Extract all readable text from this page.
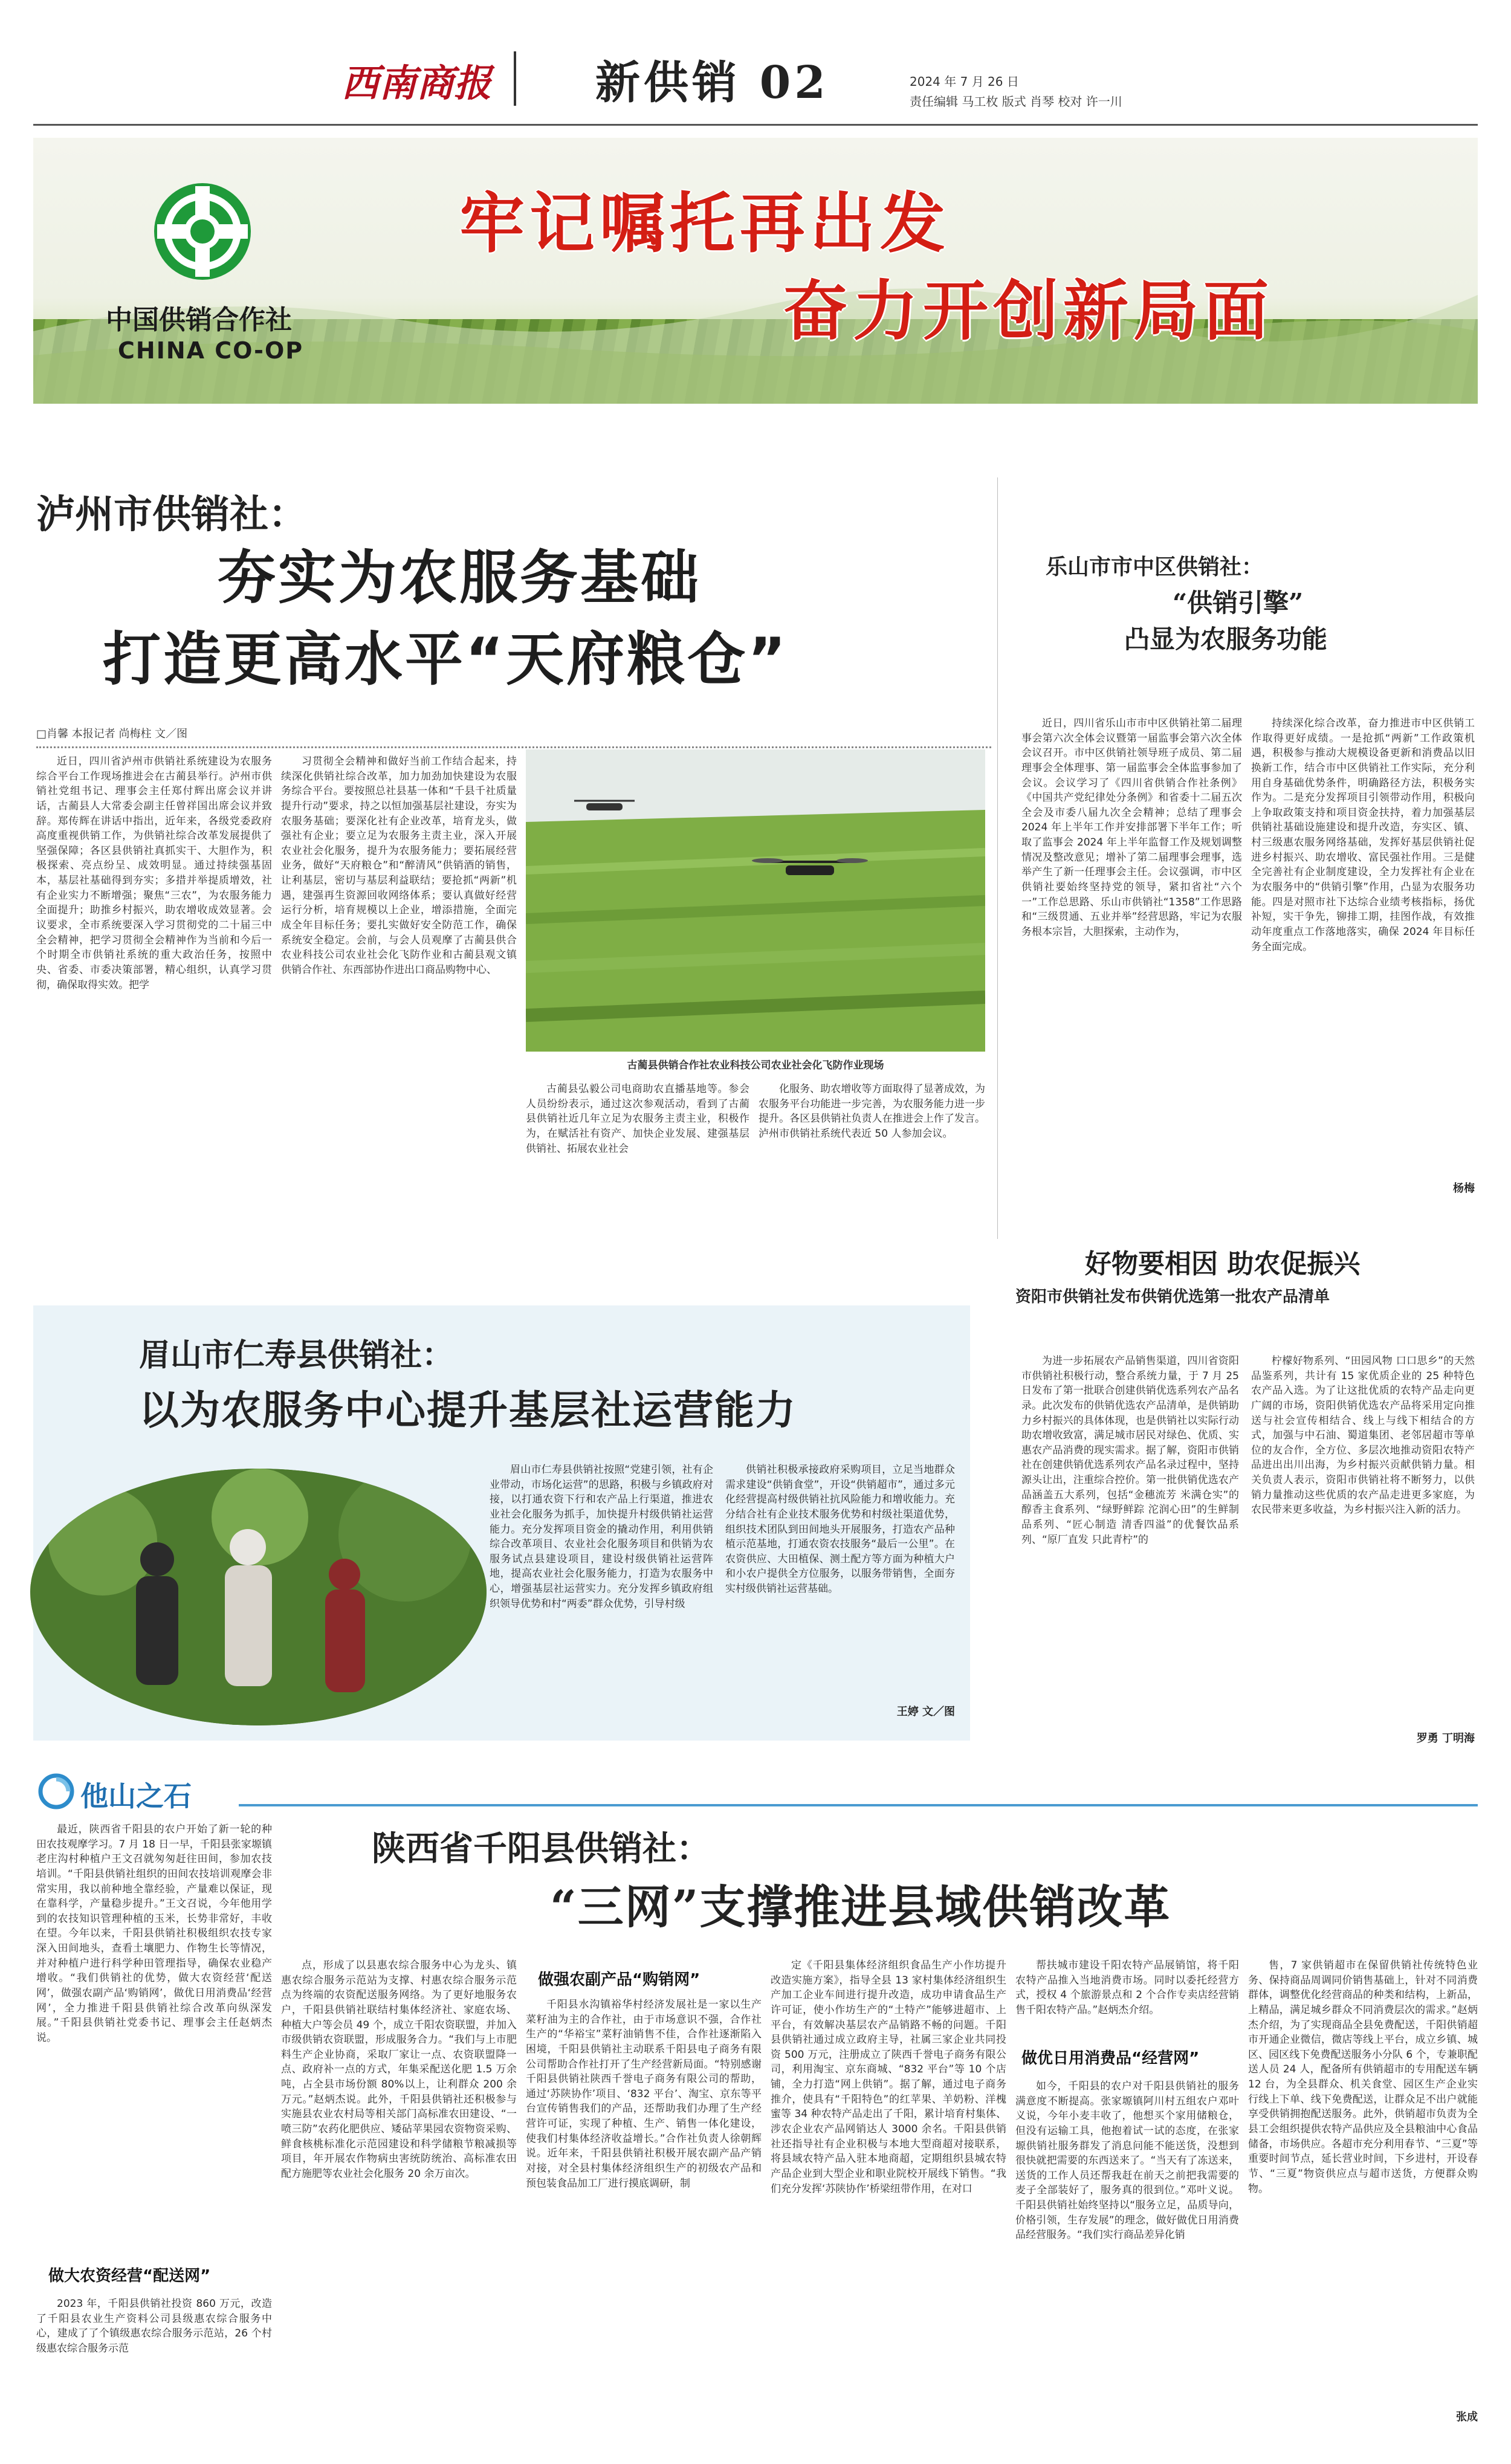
西南商报 新供销 02	2024 年 7 月 26 日
责任编辑 马工枚 版式 肖琴 校对 许一川
中国供销合作社
CHINA CO-OP
牢记嘱托再出发
奋力开创新局面
泸州市供销社：
夯实为农服务基础
打造更高水平“天府粮仓”
□肖馨 本报记者 尚梅柱 文／图

近日，四川省泸州市供销社系统建设为农服务综合平台工作现场推进会在古蔺县举行。泸州市供销社党组书记、理事会主任郑付辉出席会议并讲话，古蔺县人大常委会副主任曾祥国出席会议并致辞。郑传辉在讲话中指出，近年来，各级党委政府高度重视供销工作，为供销社综合改革发展提供了坚强保障；各区县供销社真抓实干、大胆作为，积极探索、亮点纷呈、成效明显。通过持续强基固本，基层社基础得到夯实；多措并举提质增效，社有企业实力不断增强；聚焦“三农”，为农服务能力全面提升；助推乡村振兴，助农增收成效显著。会议要求，全市系统要深入学习贯彻党的二十届三中全会精神，把学习贯彻全会精神作为当前和今后一个时期全市供销社系统的重大政治任务，按照中央、省委、市委决策部署，精心组织，认真学习贯彻，确保取得实效。把学

习贯彻全会精神和做好当前工作结合起来，持续深化供销社综合改革，加力加劲加快建设为农服务综合平台。要按照总社县基一体和“千县千社质量提升行动”要求，持之以恒加强基层社建设，夯实为农服务基础；要深化社有企业改革，培育龙头，做强社有企业；要立足为农服务主责主业，深入开展农业社会化服务，提升为农服务能力；要拓展经营业务，做好“天府粮仓”和“醉清风”供销酒的销售，让利基层，密切与基层利益联结；要抢抓“两新”机遇，建强再生资源回收网络体系；要认真做好经营运行分析，培育规模以上企业，增添措施，全面完成全年目标任务；要扎实做好安全防范工作，确保系统安全稳定。会前，与会人员观摩了古蔺县供合农业科技公司农业社会化飞防作业和古蔺县观文镇供销合作社、东西部协作进出口商品购物中心、

古蔺县供销合作社农业科技公司农业社会化飞防作业现场

古蔺县弘毅公司电商助农直播基地等。参会人员纷纷表示，通过这次参观活动，看到了古蔺县供销社近几年立足为农服务主责主业，积极作为，在赋活社有资产、加快企业发展、建强基层供销社、拓展农业社会

化服务、助农增收等方面取得了显著成效，为农服务平台功能进一步完善，为农服务能力进一步提升。各区县供销社负责人在推进会上作了发言。泸州市供销社系统代表近 50 人参加会议。

乐山市市中区供销社：
“供销引擎”
凸显为农服务功能

近日，四川省乐山市市中区供销社第二届理事会第六次全体会议暨第一届监事会第六次全体会议召开。市中区供销社领导班子成员、第二届理事会全体理事、第一届监事会全体监事参加了会议。会议学习了《四川省供销合作社条例》《中国共产党纪律处分条例》和省委十二届五次全会及市委八届九次全会精神；总结了理事会 2024 年上半年工作并安排部署下半年工作；听取了监事会 2024 年上半年监督工作及规划调整情况及整改意见；增补了第二届理事会理事，选举产生了新一任理事会主任。会议强调，市中区供销社要始终坚持党的领导，紧扣省社“六个一”工作总思路、乐山市供销社“1358”工作思路和“三级贯通、五业并举”经营思路，牢记为农服务根本宗旨，大胆探索，主动作为，

持续深化综合改革，奋力推进市中区供销工作取得更好成绩。一是抢抓“两新”工作政策机遇，积极参与推动大规模设备更新和消费品以旧换新工作，结合市中区供销社工作实际，充分利用自身基础优势条件，明确路径方法，积极务实作为。二是充分发挥项目引领带动作用，积极向上争取政策支持和项目资金扶持，着力加强基层供销社基础设施建设和提升改造，夯实区、镇、村三级惠农服务网络基础，发挥好基层供销社促进乡村振兴、助农增收、富民强社作用。三是健全完善社有企业制度建设，全力发挥社有企业在为农服务中的“供销引擎”作用，凸显为农服务功能。四是对照市社下达综合业绩考核指标，扬优补短，实干争先，铆排工期，挂图作战，有效推动年度重点工作落地落实，确保 2024 年目标任务全面完成。

杨梅
好物要相因 助农促振兴
资阳市供销社发布供销优选第一批农产品清单

为进一步拓展农产品销售渠道，四川省资阳市供销社积极行动，整合系统力量，于 7 月 25 日发布了第一批联合创建供销优选系列农产品名录。此次发布的供销优选农产品清单，是供销助力乡村振兴的具体体现，也是供销社以实际行动助农增收致富，满足城市居民对绿色、优质、实惠农产品消费的现实需求。据了解，资阳市供销社在创建供销优选系列农产品名录过程中，坚持源头让出，注重综合控价。第一批供销优选农产品涵盖五大系列，包括“金穗流芳 米满仓实”的醇香主食系列、“绿野鲜踪 沱润心田”的生鲜制品系列、“匠心制造 清香四溢”的优餐饮品系列、“原厂直发 只此青柠”的

柠檬好物系列、“田园风物 口口思乡”的天然品鉴系列，共计有 15 家优质企业的 25 种特色农产品入选。为了让这批优质的农特产品走向更广阔的市场，资阳供销优选农产品将采用定向推送与社会宣传相结合、线上与线下相结合的方式，加强与中石油、蜀道集团、老邻居超市等单位的友合作，全方位、多层次地推动资阳农特产品进出出川出海，为乡村振兴贡献供销力量。相关负责人表示，资阳市供销社将不断努力，以供销力量推动这些优质的农产品走进更多家庭，为农民带来更多收益，为乡村振兴注入新的活力。

罗勇 丁明海
眉山市仁寿县供销社：
以为农服务中心提升基层社运营能力

眉山市仁寿县供销社按照“党建引领，社有企业带动，市场化运营”的思路，积极与乡镇政府对接，以打通农资下行和农产品上行渠道，推进农业社会化服务为抓手，加快提升村级供销社运营能力。充分发挥项目资金的撬动作用，利用供销综合改革项目、农业社会化服务项目和供销为农服务试点县建设项目，建设村级供销社运营阵地，提高农业社会化服务能力，打造为农服务中心，增强基层社运营实力。充分发挥乡镇政府组织领导优势和村“两委”群众优势，引导村级

供销社积极承接政府采购项目，立足当地群众需求建设“供销食堂”，开设“供销超市”，通过多元化经营提高村级供销社抗风险能力和增收能力。充分结合社有企业技术服务优势和村级社渠道优势，组织技术团队到田间地头开展服务，打造农产品种植示范基地，打通农资农技服务“最后一公里”。在农资供应、大田植保、测土配方等方面为种植大户和小农户提供全方位服务，以服务带销售，全面夯实村级供销社运营基础。

王婷 文／图
他山之石
陕西省千阳县供销社：
“三网”支撑推进县域供销改革

最近，陕西省千阳县的农户开始了新一轮的种田农技观摩学习。7 月 18 日一早，千阳县张家塬镇老庄沟村种植户王文召就匆匆赶往田间，参加农技培训。“千阳县供销社组织的田间农技培训观摩会非常实用，我以前种地全靠经验，产量难以保证，现在靠科学，产量稳步提升。”王文召说，今年他用学到的农技知识管理种植的玉米，长势非常好，丰收在望。今年以来，千阳县供销社积极组织农技专家深入田间地头，查看土壤肥力、作物生长等情况，并对种植户进行科学种田管理指导，确保农业稳产增收。“我们供销社的优势，做大农资经营‘配送网’，做强农副产品‘购销网’，做优日用消费品‘经营网’，全力推进千阳县供销社综合改革向纵深发展。”千阳县供销社党委书记、理事会主任赵炳杰说。

做大农资经营“配送网”

2023 年，千阳县供销社投资 860 万元，改造了千阳县农业生产资料公司县级惠农综合服务中心，建成了了个镇级惠农综合服务示范站，26 个村级惠农综合服务示范

点，形成了以县惠农综合服务中心为龙头、镇惠农综合服务示范站为支撑、村惠农综合服务示范点为终端的农资配送服务网络。为了更好地服务农户，千阳县供销社联结村集体经济社、家庭农场、种植大户等会员 49 个，成立千阳农资联盟，并加入市级供销农资联盟，形成服务合力。“我们与上市肥料生产企业协商，采取厂家让一点、农资联盟降一点、政府补一点的方式，年集采配送化肥 1.5 万余吨，占全县市场份额 80%以上，让利群众 200 余万元。”赵炳杰说。此外，千阳县供销社还积极参与实施县农业农村局等相关部门高标准农田建设、“一喷三防”农药化肥供应、矮砧苹果园农资物资采购、鲜食核桃标准化示范园建设和科学储粮节粮减损等项目，年开展农作物病虫害统防统治、高标准农田配方施肥等农业社会化服务 20 余万亩次。

做强农副产品“购销网”

千阳县水沟镇裕华村经济发展社是一家以生产菜籽油为主的合作社，由于市场意识不强，合作社生产的“华裕宝”菜籽油销售不佳，合作社逐渐陷入困境，千阳县供销社主动联系千阳县电子商务有限公司帮助合作社打开了生产经营新局面。“特别感谢千阳县供销社陕西千誉电子商务有限公司的帮助，通过‘苏陕协作’项目、‘832 平台’、淘宝、京东等平台宣传销售我们的产品，还帮助我们办理了生产经营许可证，实现了种植、生产、销售一体化建设，使我们村集体经济收益增长。”合作社负责人徐朝辉说。近年来，千阳县供销社积极开展农副产品产销对接，对全县村集体经济组织生产的初级农产品和预包装食品加工厂进行摸底调研，制

定《千阳县集体经济组织食品生产小作坊提升改造实施方案》，指导全县 13 家村集体经济组织生产加工企业车间进行提升改造，成功申请食品生产许可证，使小作坊生产的“土特产”能够进超市、上平台，有效解决基层农产品销路不畅的问题。千阳县供销社通过成立政府主导，社属三家企业共同投资 500 万元，注册成立了陕西千誉电子商务有限公司，利用淘宝、京东商城、“832 平台”等 10 个店铺，全力打造“网上供销”。据了解，通过电子商务推介，使具有“千阳特色”的红苹果、羊奶粉、洋槐蜜等 34 种农特产品走出了千阳，累计培育村集体、涉农企业农产品网销达人 3000 余名。千阳县供销社还指导社有企业积极与本地大型商超对接联系，将县域农特产品入驻本地商超，定期组织县城农特产品企业到大型企业和职业院校开展线下销售。“我们充分发挥‘苏陕协作’桥梁纽带作用，在对口

帮扶城市建设千阳农特产品展销馆，将千阳农特产品推入当地消费市场。同时以委托经营方式，授权 4 个旅游景点和 2 个合作专卖店经营销售千阳农特产品。”赵炳杰介绍。

做优日用消费品“经营网”

如今，千阳县的农户对千阳县供销社的服务满意度不断提高。张家塬镇阿川村五组农户邓叶义说，今年小麦丰收了，他想买个家用储粮仓，但没有运输工具，他抱着试一试的态度，在张家塬供销社服务群发了消息问能不能送货，没想到很快就把需要的东西送来了。“当天有了冻送来，送货的工作人员还帮我赶在前天之前把我需要的麦子全部装好了，服务真的很到位。”邓叶义说。千阳县供销社始终坚持以“服务立足，品质导向，价格引领，生存发展”的理念，做好做优日用消费品经营服务。“我们实行商品差异化销

售，7 家供销超市在保留供销社传统特色业务、保持商品周调同价销售基础上，针对不同消费群体，调整优化经营商品的种类和结构，上新品，上精品，满足城乡群众不同消费层次的需求。”赵炳杰介绍，为了实现商品全县免费配送，千阳供销超市开通企业微信，微店等线上平台，成立乡镇、城区、园区线下免费配送服务小分队 6 个，专兼职配送人员 24 人，配备所有供销超市的专用配送车辆 12 台，为全县群众、机关食堂、园区生产企业实行线上下单、线下免费配送，让群众足不出户就能享受供销拥抱配送服务。此外，供销超市负责为全县工会组织提供农特产品供应及全县粮油中心食品储备，市场供应。各超市充分利用春节、“三夏”等重要时间节点，延长营业时间，下乡进村，开设春节、“三夏”物资供应点与超市送货，方便群众购物。

张成
